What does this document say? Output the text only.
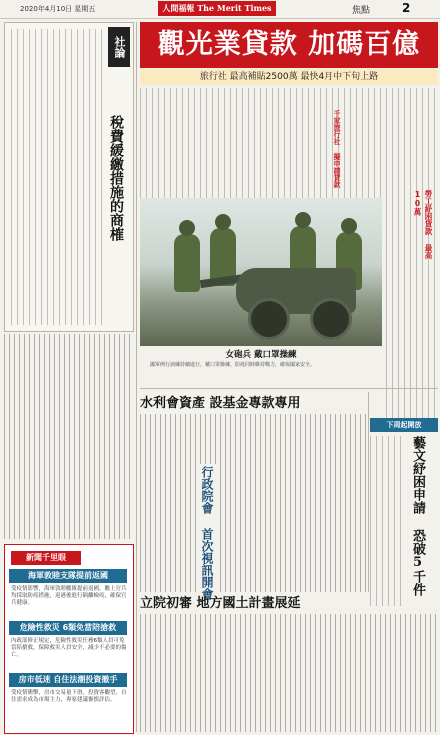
2020年4月10日 星期五	人間福報 The Merit Times	焦點	2
社論
稅費緩繳措施的商榷
新聞千里眼
海軍敦睦支隊提前返國
受疫情影響，海軍敦睦艦隊提前返國，艦上官兵均採取防疫措施，返港後進行隔離檢疫，確保官兵健康。
危險性救災 6類免當陪搶救
內政部修正規定，危險性救災任務6類人員可免當陪搶救，保障救災人員安全，減少不必要的傷亡。
房市低迷 自住法潮投資撤手
受疫情衝擊，房市交易量下滑，投資客觀望，自住需求成為市場主力，專家建議審慎評估。
觀光業貸款 加碼百億
旅行社 最高補貼2500萬 最快4月中下旬上路
千家旅行社 擬申請貸款
勞工紓困貸款 最高10萬
女砲兵 戴口罩操練
國軍例行訓練持續進行，戴口罩操練，防疫同時維持戰力，確保國家安全。
水利會資產 設基金專款專用
行政院會 首次視訊開會
立院初審 地方國土計畫展延
下周起開放
藝文紓困申請 恐破5千件
